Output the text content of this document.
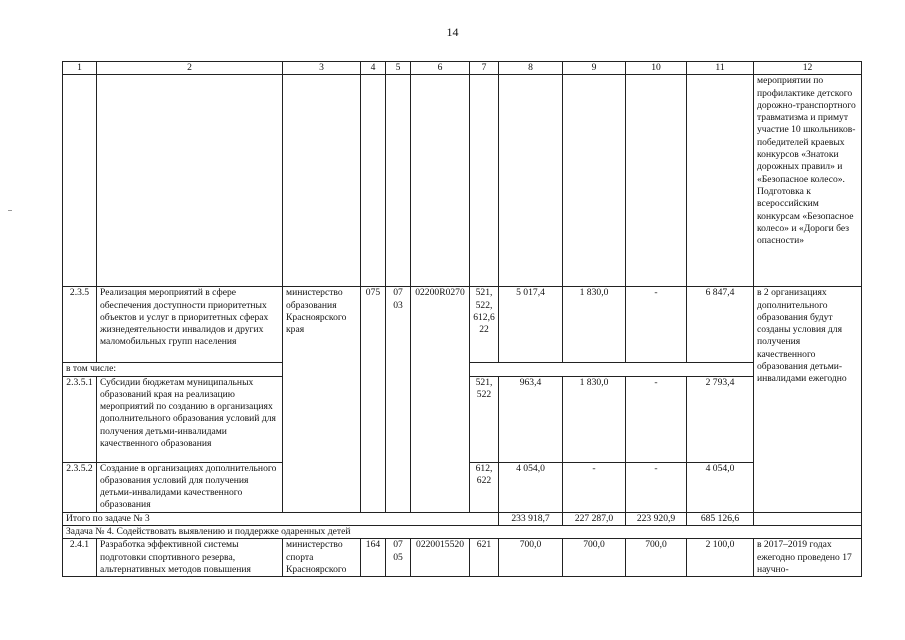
14
1	2	3	4	5	6	7	8	9	10	11	12
											мероприятии по профилактике детского дорожно-транспортного травматизма и примут участие 10 школьников-победителей краевых конкурсов «Знатоки дорожных правил» и «Безопасное колесо». Подготовка к всероссийским конкурсам «Безопасное колесо» и «Дороги без опасности»
2.3.5	Реализация мероприятий в сфере обеспечения доступности приоритетных объектов и услуг в приоритетных сферах жизнедеятельности инвалидов и других маломобильных групп населения	министерство образования Красноярского края	075	07 03	02200R0270	521, 522, 612,6 22	5 017,4	1 830,0	-	6 847,4	в 2 организациях дополнительного образования будут созданы условия для получения качественного образования детьми-инвалидами ежегодно
в том числе:											
2.3.5.1	Субсидии бюджетам муниципальных образований края на реализацию мероприятий по созданию в организациях дополнительного образования условий для получения детьми-инвалидами качественного образования					521, 522	963,4	1 830,0	-	2 793,4	
2.3.5.2	Создание в организациях дополнительного образования условий для получения детьми-инвалидами качественного образования					612, 622	4 054,0	-	-	4 054,0	
Итого по задаче № 3							233 918,7	227 287,0	223 920,9	685 126,6	
Задача № 4. Содействовать выявлению и поддержке одаренных детей											
2.4.1	Разработка эффективной системы подготовки спортивного резерва, альтернативных методов повышения	министерство спорта Красноярского	164	07 05	0220015520	621	700,0	700,0	700,0	2 100,0	в 2017–2019 годах ежегодно проведено 17 научно-
